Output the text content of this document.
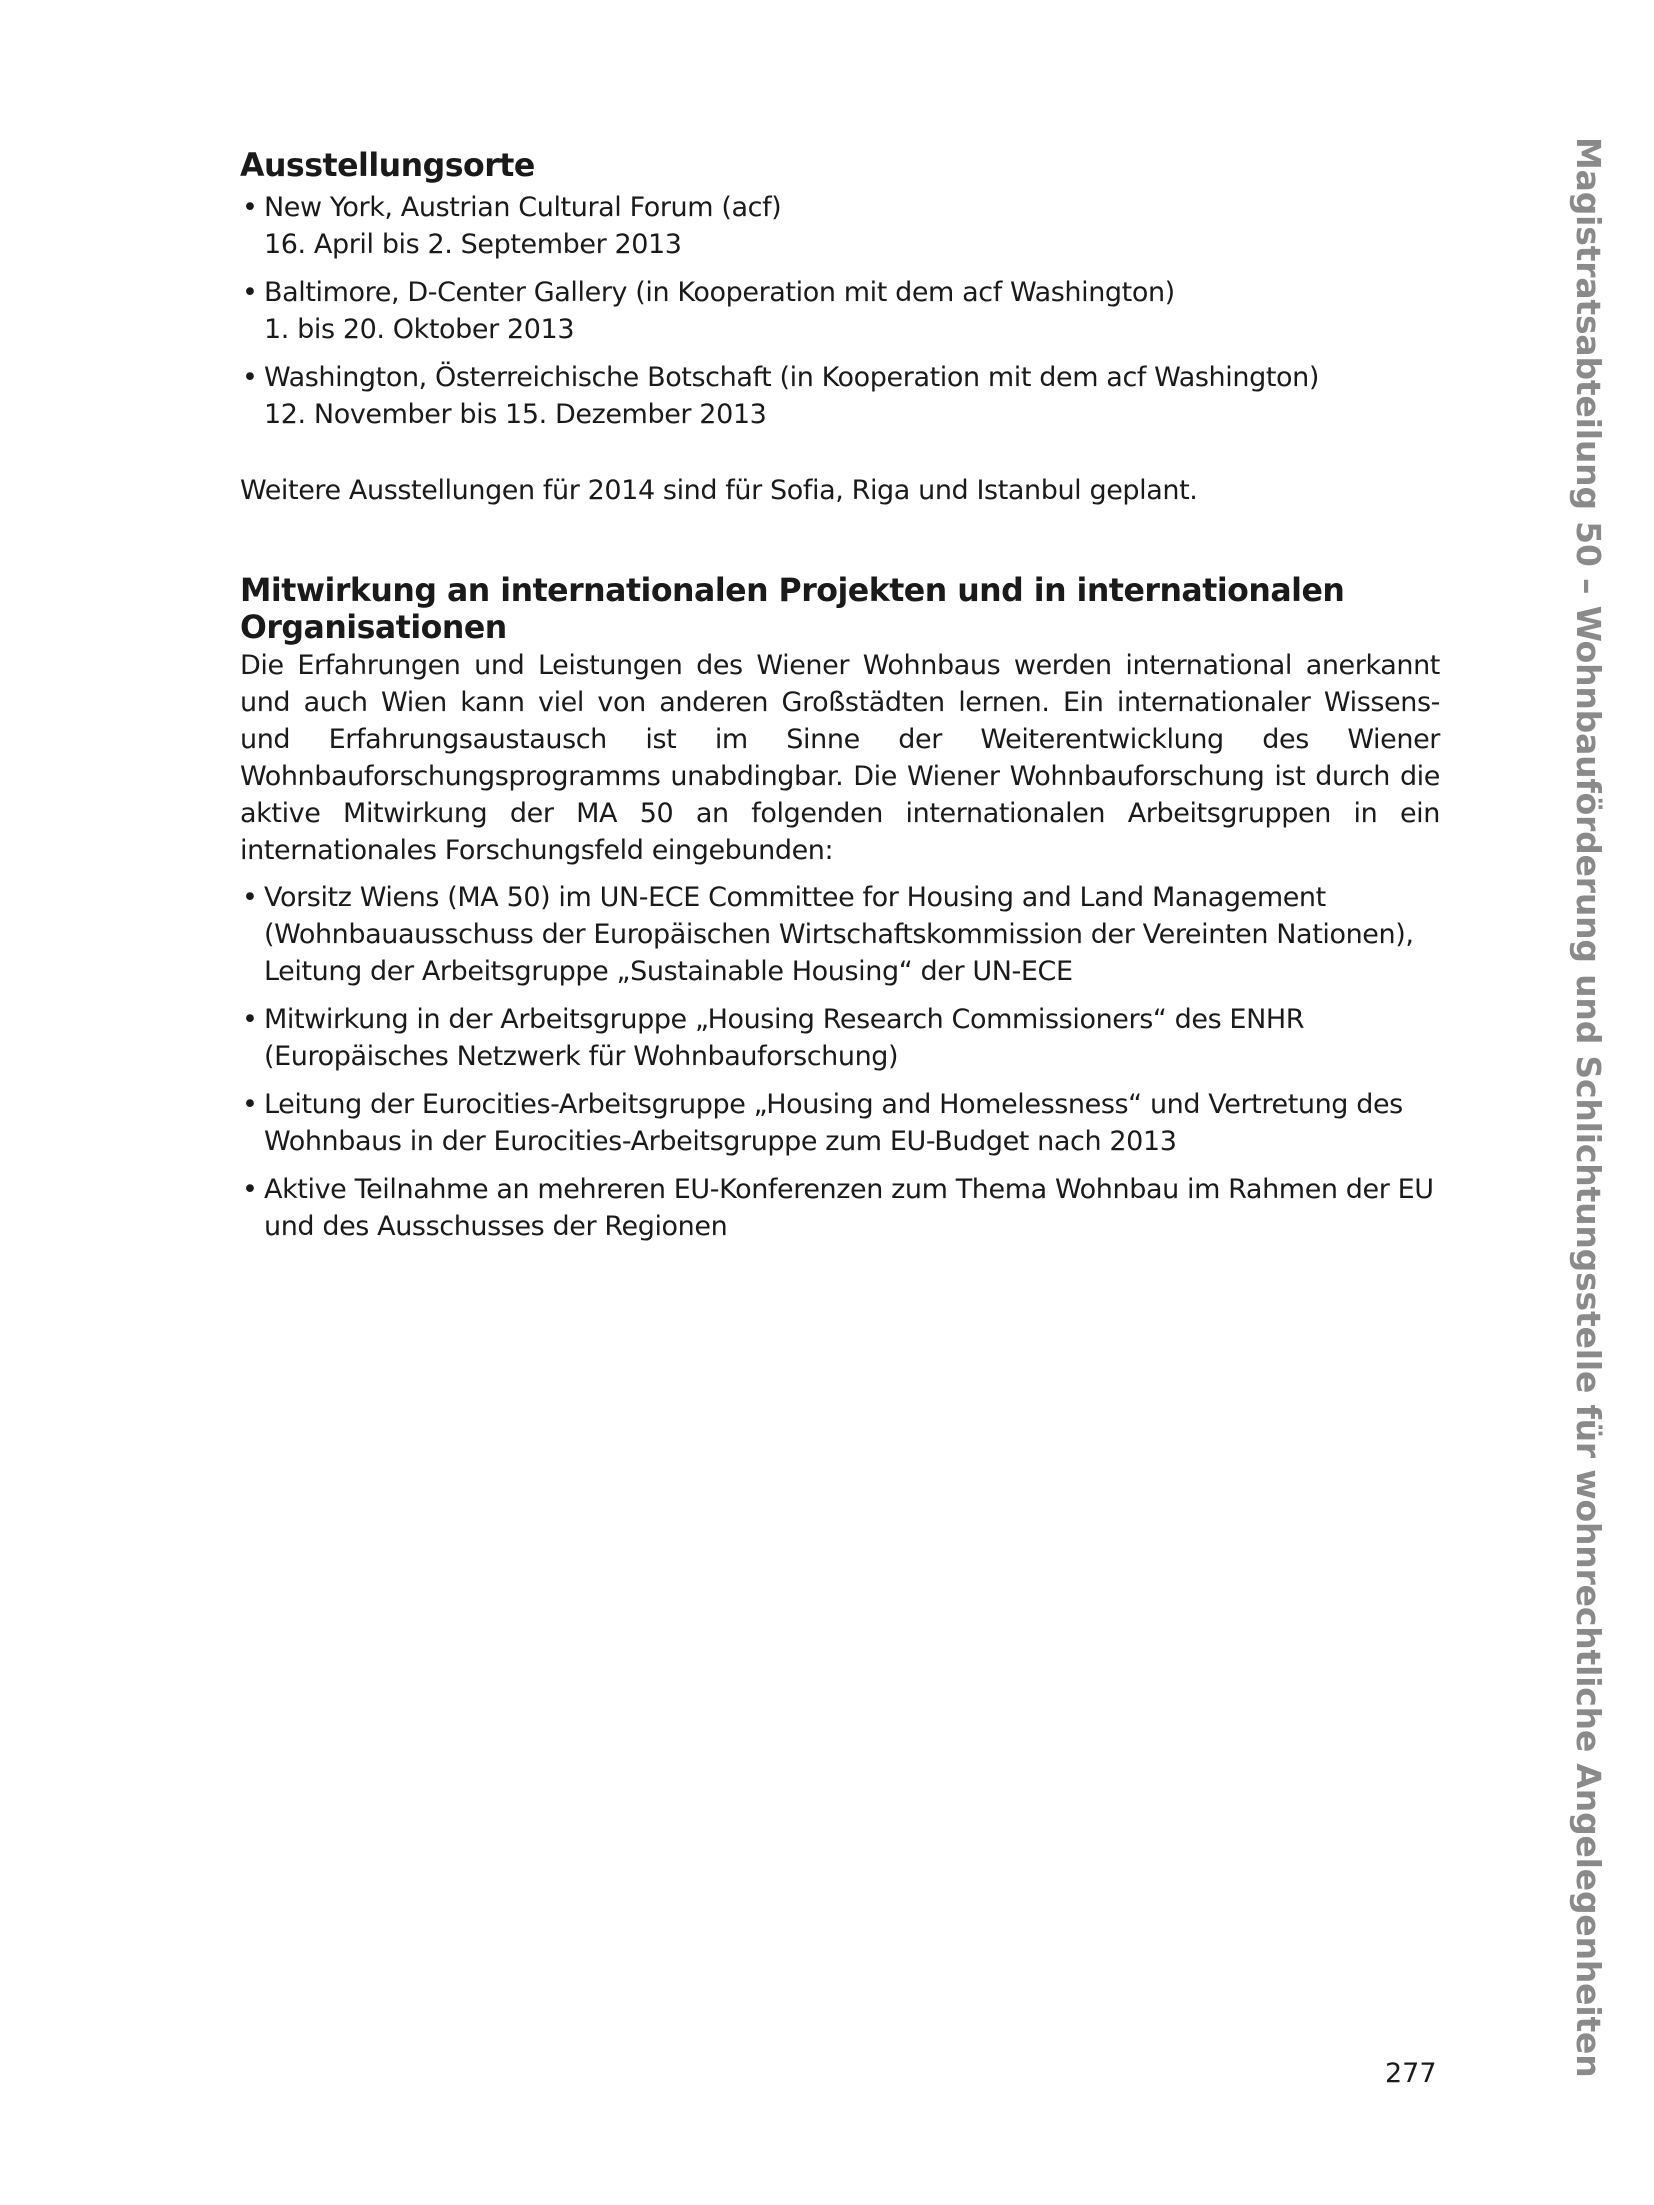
Ausstellungsorte
• New York, Austrian Cultural Forum (acf)
16. April bis 2. September 2013
• Baltimore, D-Center Gallery (in Kooperation mit dem acf Washington)
1. bis 20. Oktober 2013
• Washington, Österreichische Botschaft (in Kooperation mit dem acf Washington)
12. November bis 15. Dezember 2013

Weitere Ausstellungen für 2014 sind für Sofia, Riga und Istanbul geplant.

Mitwirkung an internationalen Projekten und in internationalen Organisationen

Die Erfahrungen und Leistungen des Wiener Wohnbaus werden international anerkannt und auch Wien kann viel von anderen Großstädten lernen. Ein internationaler Wissens- und Erfahrungsaustausch ist im Sinne der Weiterentwicklung des Wiener Wohnbauforschungsprogramms unabdingbar. Die Wiener Wohnbauforschung ist durch die aktive Mitwirkung der MA 50 an folgenden internationalen Arbeitsgruppen in ein internationales Forschungsfeld eingebunden:

• Vorsitz Wiens (MA 50) im UN-ECE Committee for Housing and Land Management
(Wohnbauausschuss der Europäischen Wirtschaftskommission der Vereinten Nationen),
Leitung der Arbeitsgruppe „Sustainable Housing“ der UN-ECE
• Mitwirkung in der Arbeitsgruppe „Housing Research Commissioners“ des ENHR
(Europäisches Netzwerk für Wohnbauforschung)
• Leitung der Eurocities-Arbeitsgruppe „Housing and Homelessness“ und Vertretung des
Wohnbaus in der Eurocities-Arbeitsgruppe zum EU-Budget nach 2013
• Aktive Teilnahme an mehreren EU-Konferenzen zum Thema Wohnbau im Rahmen der EU
und des Ausschusses der Regionen	Magistratsabteilung 50 – Wohnbauförderung und Schlichtungsstelle für wohnrechtliche Angelegenheiten
277
